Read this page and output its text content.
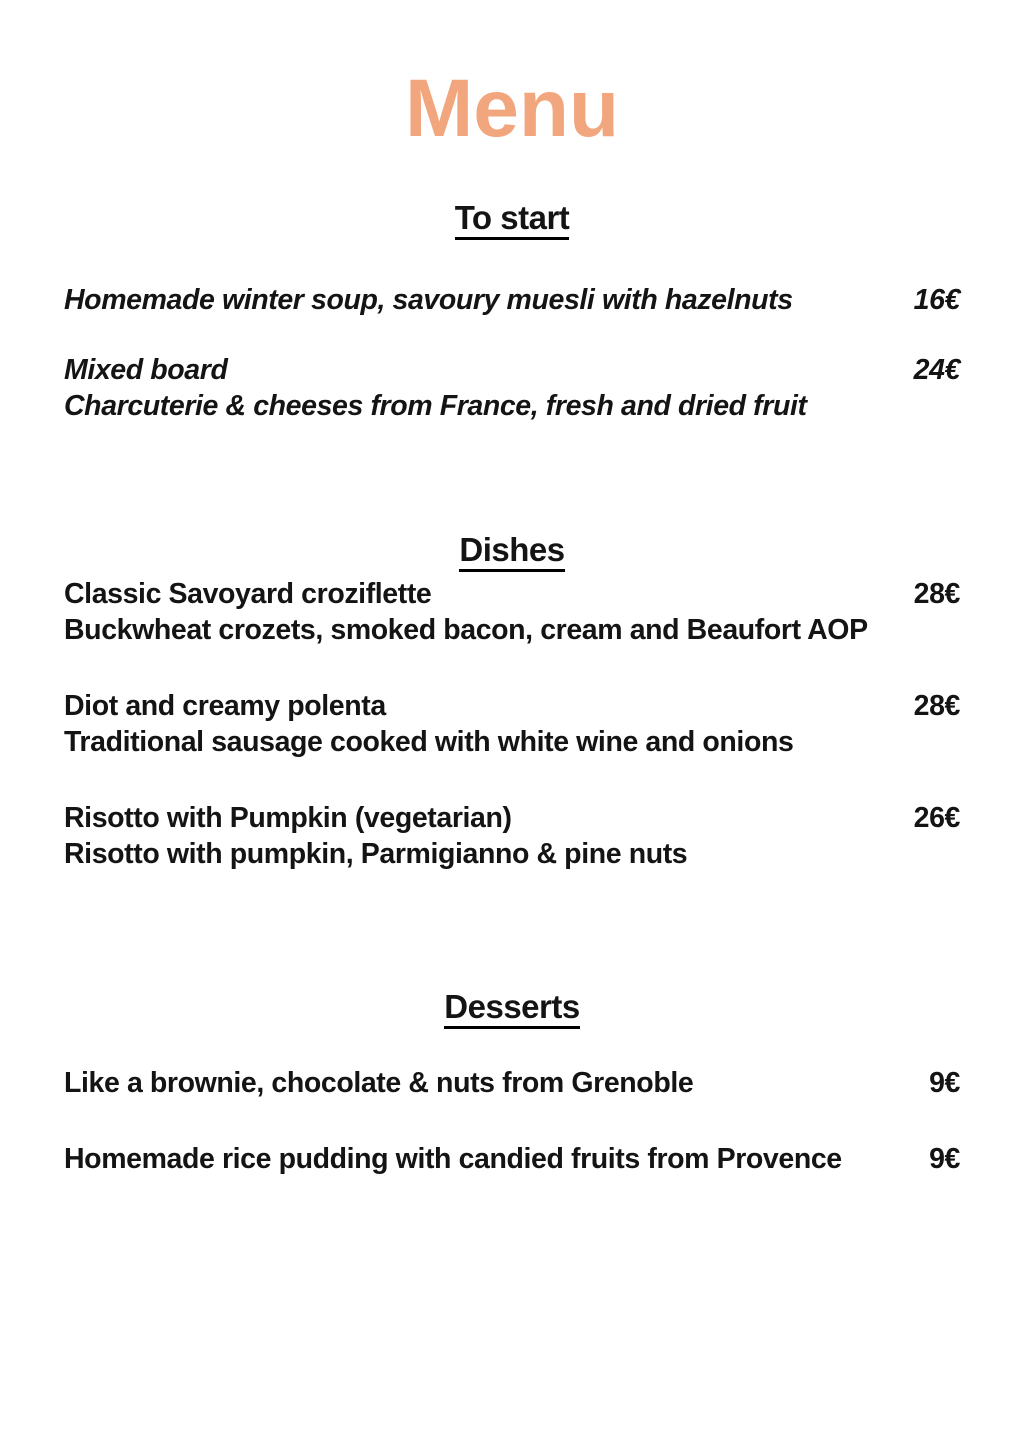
Menu
To start
Homemade winter soup, savoury muesli with hazelnuts	16€
Mixed board	24€
Charcuterie & cheeses from France, fresh and dried fruit
Dishes
Classic Savoyard croziflette	28€
Buckwheat crozets, smoked bacon, cream and Beaufort AOP
Diot and creamy polenta	28€
Traditional sausage cooked with white wine and onions
Risotto with Pumpkin (vegetarian)	26€
Risotto with pumpkin, Parmigianno & pine nuts
Desserts
Like a brownie, chocolate & nuts from Grenoble	9€
Homemade rice pudding with candied fruits from Provence	9€
